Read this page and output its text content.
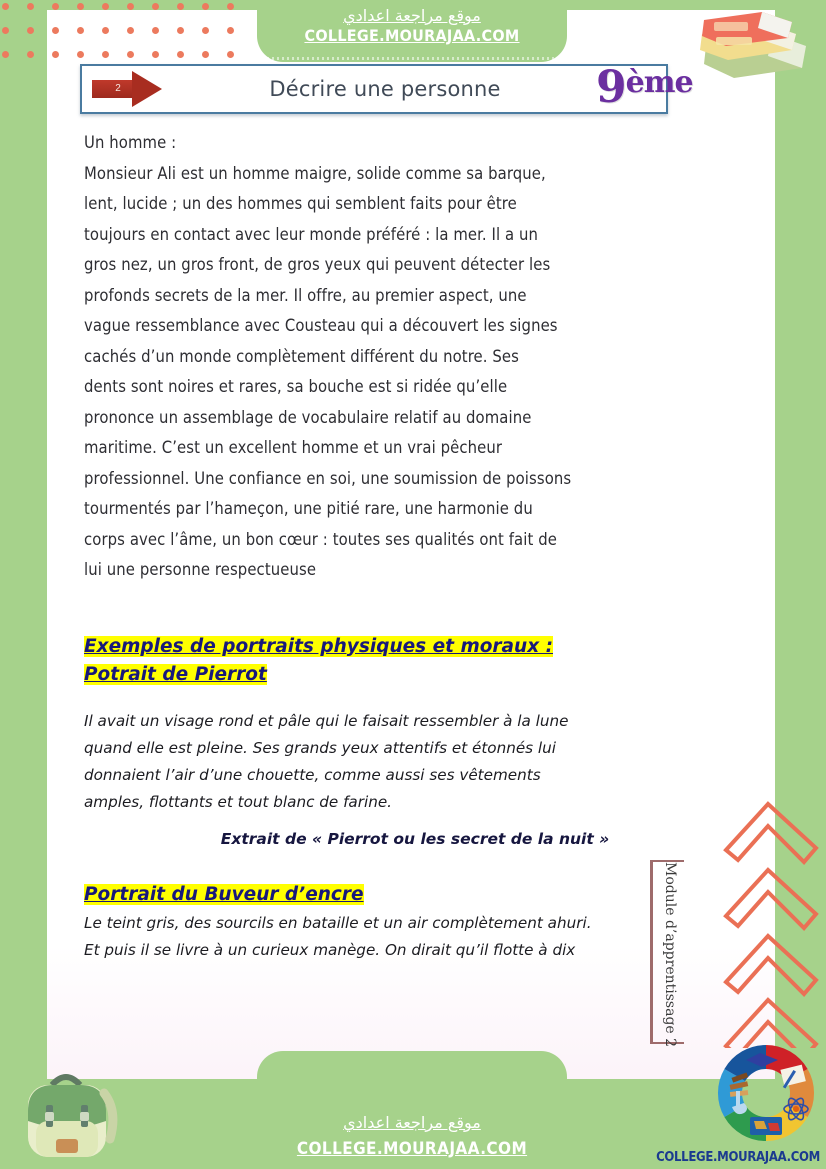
Module d’apprentissage 2
موقع مراجعة اعدادي
COLLEGE.MOURAJAA.COM
2	Décrire une personne	9ème
Un homme :
Monsieur Ali est un homme maigre, solide comme sa barque,
lent, lucide ; un des hommes qui semblent faits pour être
toujours en contact avec leur monde préféré : la mer. Il a un
gros nez, un gros front, de gros yeux qui peuvent détecter les
profonds secrets de la mer. Il offre, au premier aspect, une
vague ressemblance avec Cousteau qui a découvert les signes
cachés d’un monde complètement différent du notre. Ses
dents sont noires et rares, sa bouche est si ridée qu’elle
prononce un assemblage de vocabulaire relatif au domaine
maritime. C’est un excellent homme et un vrai pêcheur
professionnel. Une confiance en soi, une soumission de poissons
tourmentés par l’hameçon, une pitié rare, une harmonie du
corps avec l’âme, un bon cœur : toutes ses qualités ont fait de
lui une personne respectueuse
Exemples de portraits physiques et moraux :
Potrait de Pierrot
Il avait un visage rond et pâle qui le faisait ressembler à la lune
quand elle est pleine. Ses grands yeux attentifs et étonnés lui
donnaient l’air d’une chouette, comme aussi ses vêtements
amples, flottants et tout blanc de farine.
Extrait de « Pierrot ou les secret de la nuit »
Portrait du Buveur d’encre
Le teint gris, des sourcils en bataille et un air complètement ahuri.
Et puis il se livre à un curieux manège. On dirait qu’il flotte à dix
موقع مراجعة اعدادي
COLLEGE.MOURAJAA.COM	COLLEGE.MOURAJAA.COM
